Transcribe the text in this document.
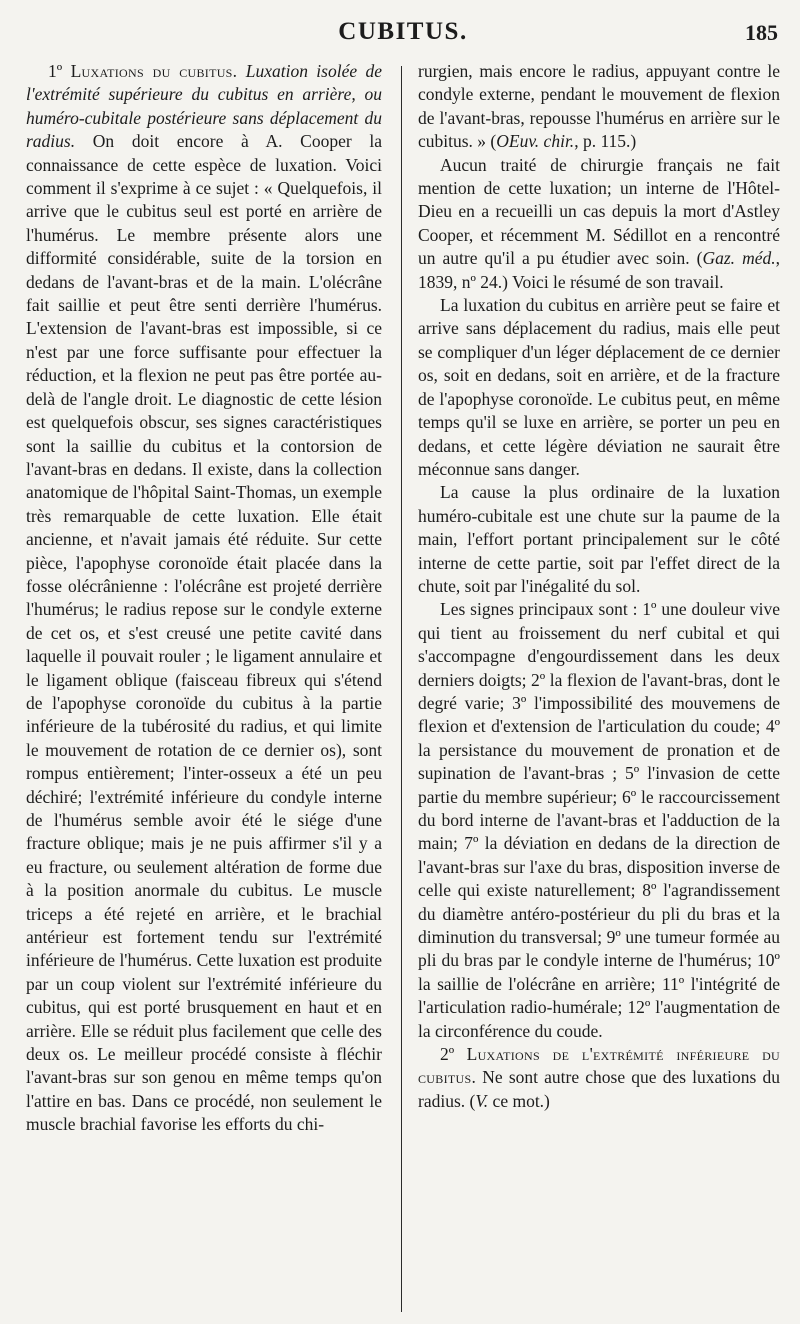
CUBITUS.	185

1º Luxations du cubitus. Luxation isolée de l'extrémité supérieure du cubitus en arrière, ou huméro-cubitale postérieure sans déplacement du radius. On doit encore à A. Cooper la connaissance de cette espèce de luxation. Voici comment il s'exprime à ce sujet : « Quelquefois, il arrive que le cubitus seul est porté en arrière de l'humérus. Le membre présente alors une difformité considérable, suite de la torsion en dedans de l'avant-bras et de la main. L'olécrâne fait saillie et peut être senti derrière l'humérus. L'extension de l'avant-bras est impossible, si ce n'est par une force suffisante pour effectuer la réduction, et la flexion ne peut pas être portée au-delà de l'angle droit. Le diagnostic de cette lésion est quelquefois obscur, ses signes caractéristiques sont la saillie du cubitus et la contorsion de l'avant-bras en dedans. Il existe, dans la collection anatomique de l'hôpital Saint-Thomas, un exemple très remarquable de cette luxation. Elle était ancienne, et n'avait jamais été réduite. Sur cette pièce, l'apophyse coronoïde était placée dans la fosse olécrânienne : l'olécrâne est projeté derrière l'humérus; le radius repose sur le condyle externe de cet os, et s'est creusé une petite cavité dans laquelle il pouvait rouler ; le ligament annulaire et le ligament oblique (faisceau fibreux qui s'étend de l'apophyse coronoïde du cubitus à la partie inférieure de la tubérosité du radius, et qui limite le mouvement de rotation de ce dernier os), sont rompus entièrement; l'inter-osseux a été un peu déchiré; l'extrémité inférieure du condyle interne de l'humérus semble avoir été le siége d'une fracture oblique; mais je ne puis affirmer s'il y a eu fracture, ou seulement altération de forme due à la position anormale du cubitus. Le muscle triceps a été rejeté en arrière, et le brachial antérieur est fortement tendu sur l'extrémité inférieure de l'humérus. Cette luxation est produite par un coup violent sur l'extrémité inférieure du cubitus, qui est porté brusquement en haut et en arrière. Elle se réduit plus facilement que celle des deux os. Le meilleur procédé consiste à fléchir l'avant-bras sur son genou en même temps qu'on l'attire en bas. Dans ce procédé, non seulement le muscle brachial favorise les efforts du chi-

rurgien, mais encore le radius, appuyant contre le condyle externe, pendant le mouvement de flexion de l'avant-bras, repousse l'humérus en arrière sur le cubitus. » (OEuv. chir., p. 115.)

Aucun traité de chirurgie français ne fait mention de cette luxation; un interne de l'Hôtel-Dieu en a recueilli un cas depuis la mort d'Astley Cooper, et récemment M. Sédillot en a rencontré un autre qu'il a pu étudier avec soin. (Gaz. méd., 1839, nº 24.) Voici le résumé de son travail.

La luxation du cubitus en arrière peut se faire et arrive sans déplacement du radius, mais elle peut se compliquer d'un léger déplacement de ce dernier os, soit en dedans, soit en arrière, et de la fracture de l'apophyse coronoïde. Le cubitus peut, en même temps qu'il se luxe en arrière, se porter un peu en dedans, et cette légère déviation ne saurait être méconnue sans danger.

La cause la plus ordinaire de la luxation huméro-cubitale est une chute sur la paume de la main, l'effort portant principalement sur le côté interne de cette partie, soit par l'effet direct de la chute, soit par l'inégalité du sol.

Les signes principaux sont : 1º une douleur vive qui tient au froissement du nerf cubital et qui s'accompagne d'engourdissement dans les deux derniers doigts; 2º la flexion de l'avant-bras, dont le degré varie; 3º l'impossibilité des mouvemens de flexion et d'extension de l'articulation du coude; 4º la persistance du mouvement de pronation et de supination de l'avant-bras ; 5º l'invasion de cette partie du membre supérieur; 6º le raccourcissement du bord interne de l'avant-bras et l'adduction de la main; 7º la déviation en dedans de la direction de l'avant-bras sur l'axe du bras, disposition inverse de celle qui existe naturellement; 8º l'agrandissement du diamètre antéro-postérieur du pli du bras et la diminution du transversal; 9º une tumeur formée au pli du bras par le condyle interne de l'humérus; 10º la saillie de l'olécrâne en arrière; 11º l'intégrité de l'articulation radio-humérale; 12º l'augmentation de la circonférence du coude.

2º Luxations de l'extrémité inférieure du cubitus. Ne sont autre chose que des luxations du radius. (V. ce mot.)
